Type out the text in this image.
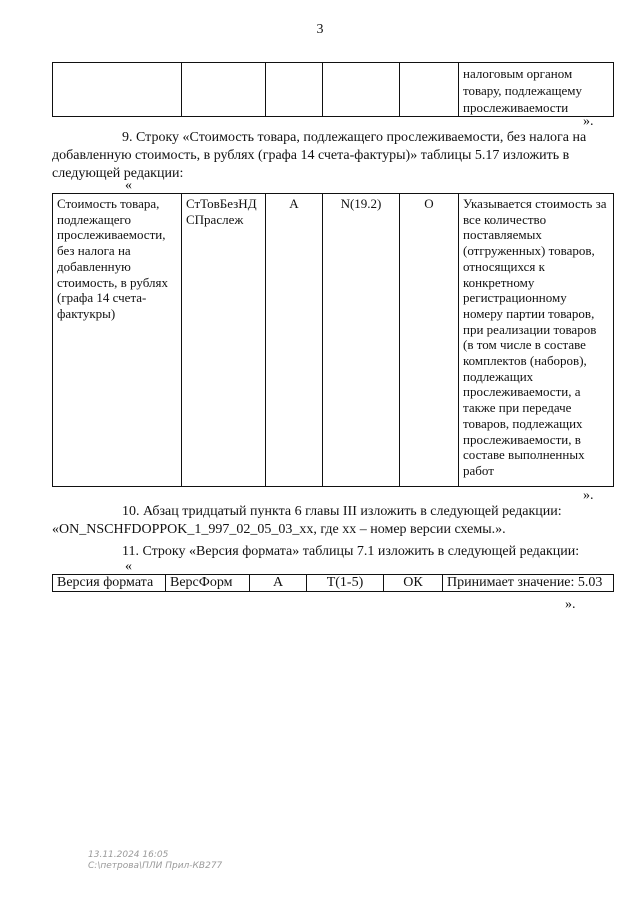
3
					налоговым органом товару, подлежащему прослеживаемости
».

9. Строку «Стоимость товара, подлежащего прослеживаемости, без налога на добавленную стоимость, в рублях (графа 14 счета-фактуры)» таблицы 5.17 изложить в следующей редакции:

«
Стоимость товара, подлежащего прослеживаемости, без налога на добавленную стоимость, в рублях (графа 14 счета-фактукры)	СтТовБезНДСПраслеж	А	N(19.2)	О	Указывается стоимость за все количество поставляемых (отгруженных) товаров, относящихся к конкретному регистрационному номеру партии товаров, при реализации товаров (в том числе в составе комплектов (наборов), подлежащих прослеживаемости, а также при передаче товаров, подлежащих прослеживаемости, в составе выполненных работ
».

10. Абзац тридцатый пункта 6 главы III изложить в следующей редакции: «ON_NSCHFDOPPOK_1_997_02_05_03_xx, где xx – номер версии схемы.».

11. Строку «Версия формата» таблицы 7.1 изложить в следующей редакции:

«
Версия формата	ВерсФорм	А	T(1-5)	ОК	Принимает значение: 5.03
».
13.11.2024 16:05
С:\петрова\ПЛИ Прил-КВ277
